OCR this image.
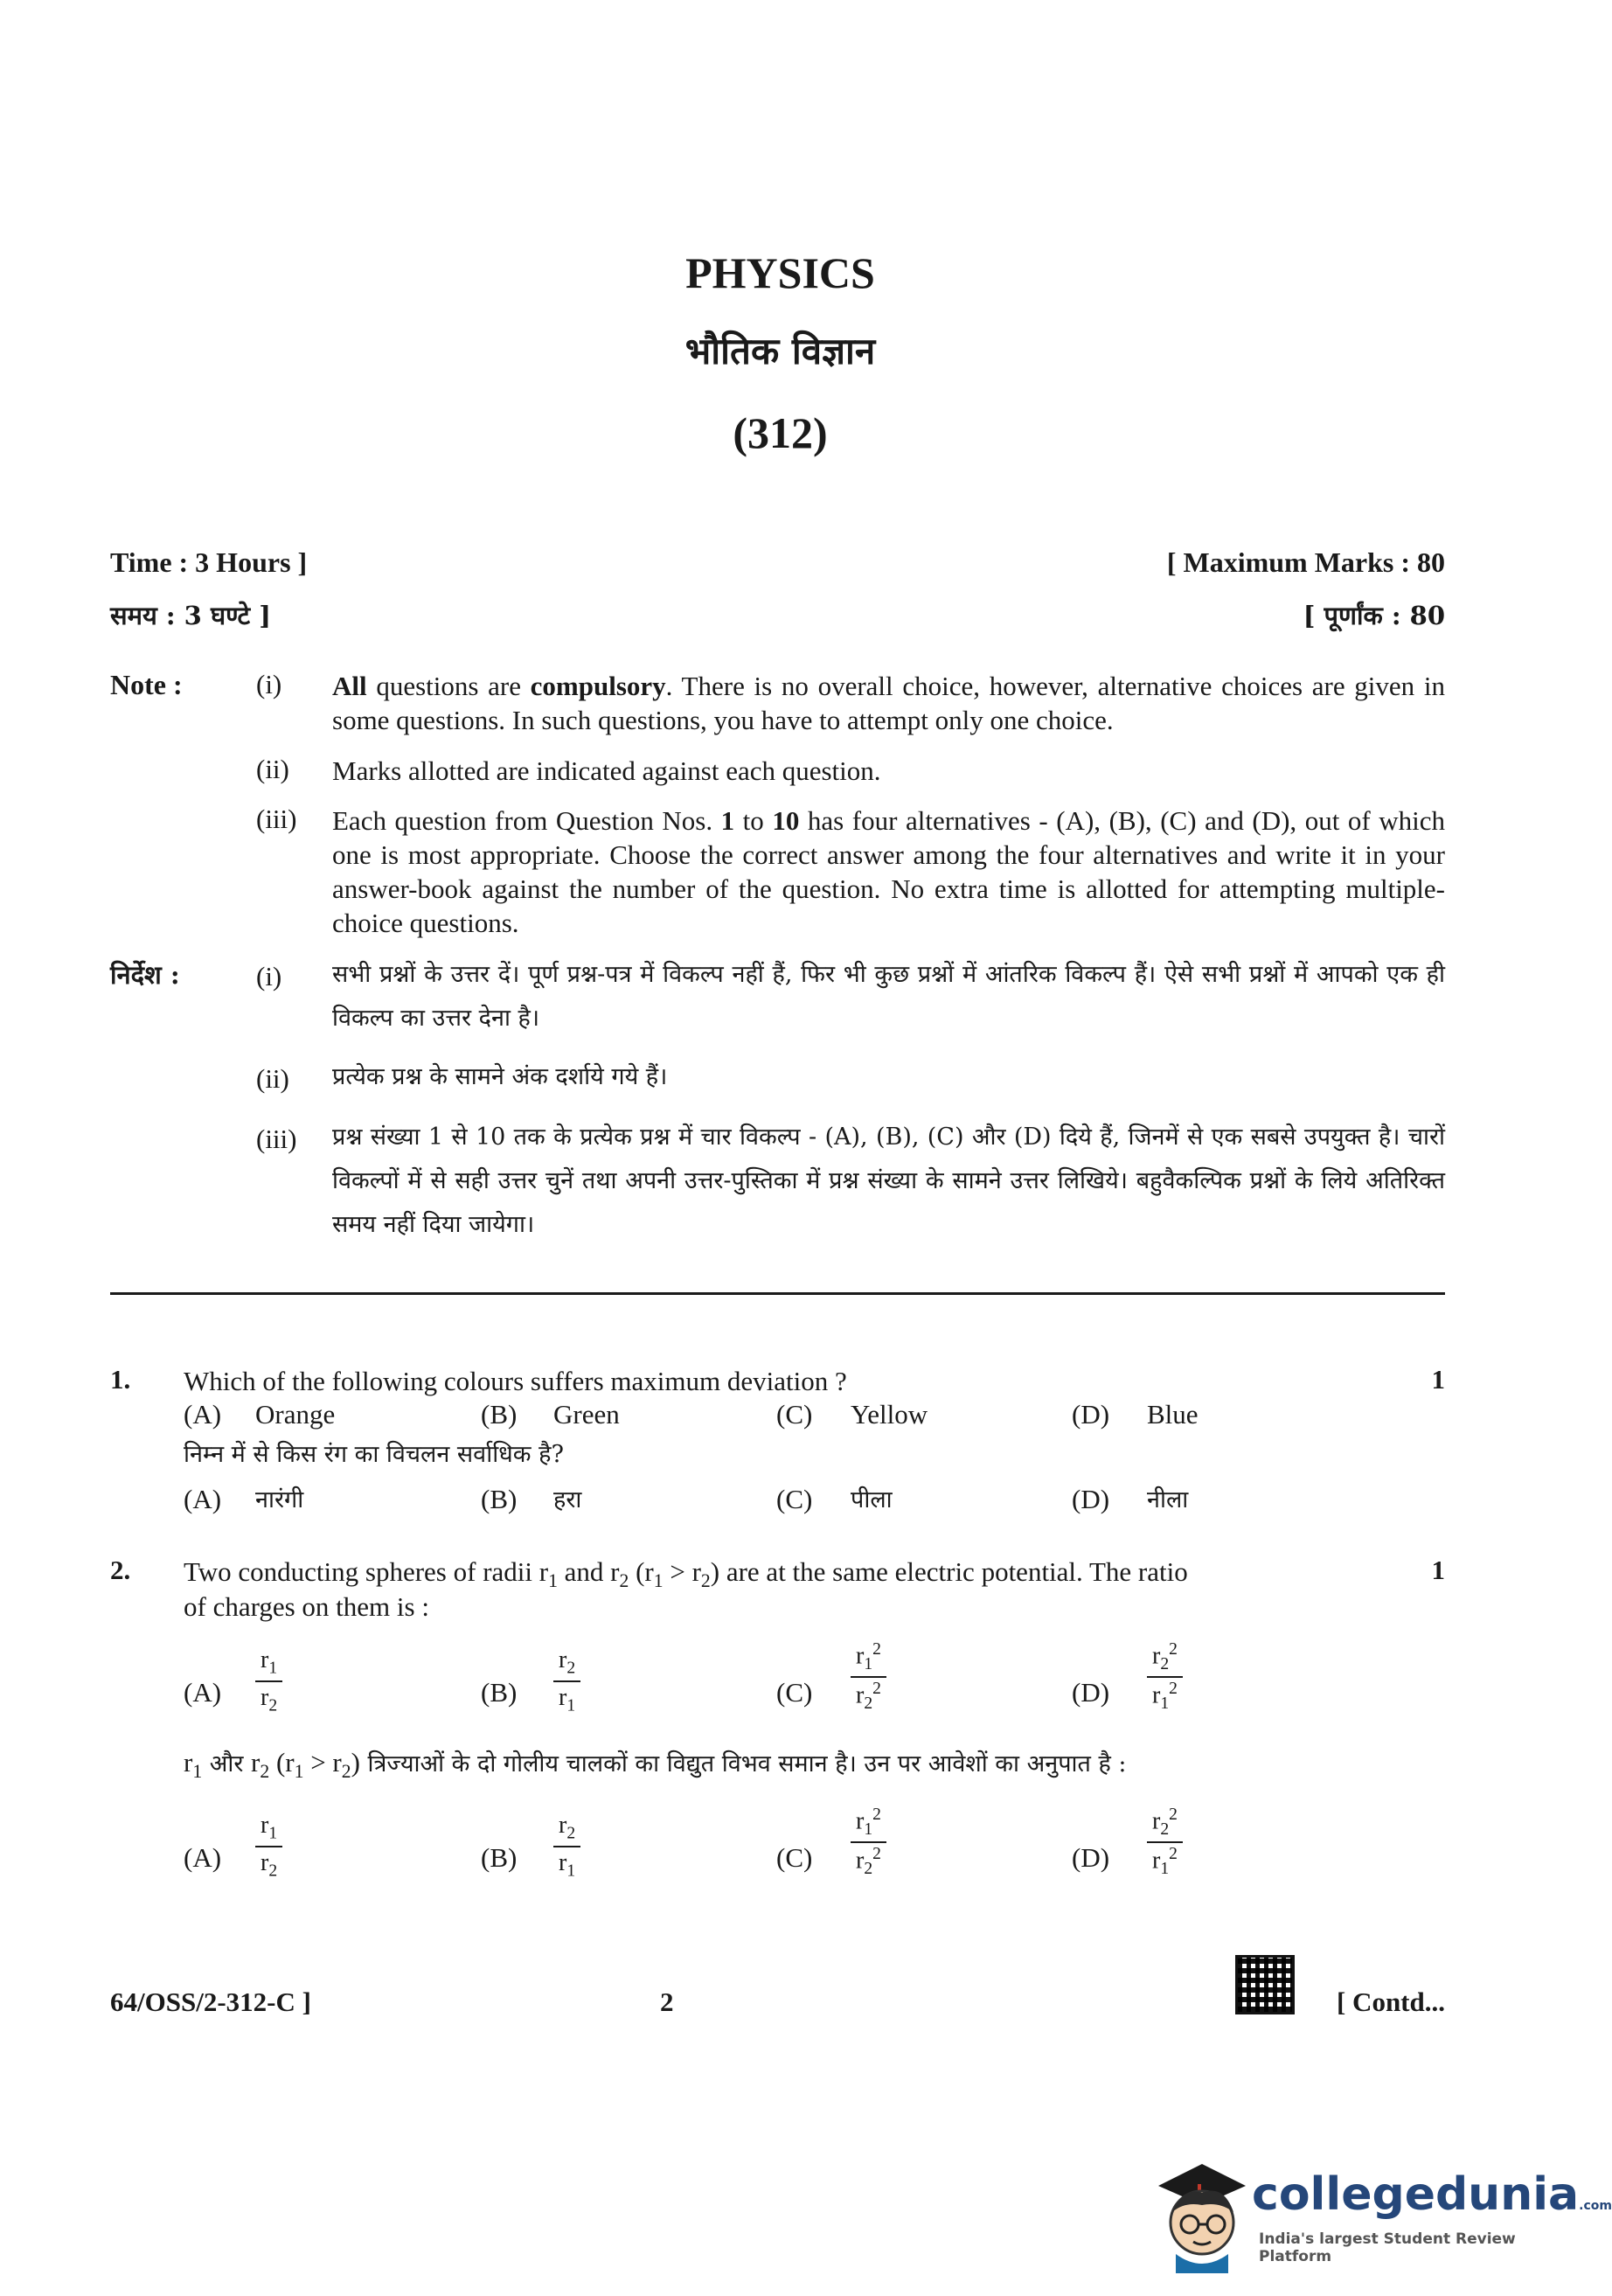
PHYSICS
भौतिक विज्ञान
(312)
Time : 3 Hours ]	[ Maximum Marks : 80
समय : 3 घण्टे ]	[ पूर्णांक : 80
Note :	(i) All questions are compulsory. There is no overall choice, however, alternative choices are given in some questions. In such questions, you have to attempt only one choice.
(ii) Marks allotted are indicated against each question.
(iii) Each question from Question Nos. 1 to 10 has four alternatives - (A), (B), (C) and (D), out of which one is most appropriate. Choose the correct answer among the four alternatives and write it in your answer-book against the number of the question. No extra time is allotted for attempting multiple-choice questions.
निर्देश :	(i) सभी प्रश्नों के उत्तर दें। पूर्ण प्रश्न-पत्र में विकल्प नहीं हैं, फिर भी कुछ प्रश्नों में आंतरिक विकल्प हैं। ऐसे सभी प्रश्नों में आपको एक ही विकल्प का उत्तर देना है।
(ii) प्रत्येक प्रश्न के सामने अंक दर्शाये गये हैं।
(iii) प्रश्न संख्या 1 से 10 तक के प्रत्येक प्रश्न में चार विकल्प - (A), (B), (C) और (D) दिये हैं, जिनमें से एक सबसे उपयुक्त है। चारों विकल्पों में से सही उत्तर चुनें तथा अपनी उत्तर-पुस्तिका में प्रश्न संख्या के सामने उत्तर लिखिये। बहुवैकल्पिक प्रश्नों के लिये अतिरिक्त समय नहीं दिया जायेगा।
1. Which of the following colours suffers maximum deviation ?	1
(A) Orange	(B) Green	(C) Yellow	(D) Blue
निम्न में से किस रंग का विचलन सर्वाधिक है?
(A) नारंगी	(B) हरा	(C) पीला	(D) नीला
2. Two conducting spheres of radii $r_1$ and $r_2$ $(r_1 > r_2)$ are at the same electric potential. The ratio
of charges on them is :
1
$(A) \frac{r_1}{r_2}$	$(B) \frac{r_2}{r_1}$	$(C) \frac{r_1^2}{r_2^2}$	$(D) \frac{r_2^2}{r_1^2}$
$r_1$ और $r_2$ $(r_1 > r_2)$ त्रिज्याओं के दो गोलीय चालकों का विद्युत विभव समान है। उन पर आवेशों का अनुपात है :
$(A) \frac{r_1}{r_2}$	$(B) \frac{r_2}{r_1}$	$(C) \frac{r_1^2}{r_2^2}$	$(D) \frac{r_2^2}{r_1^2}$
64/OSS/2-312-C ]	2	[ Contd...
collegedunia.com
India's largest Student Review Platform
